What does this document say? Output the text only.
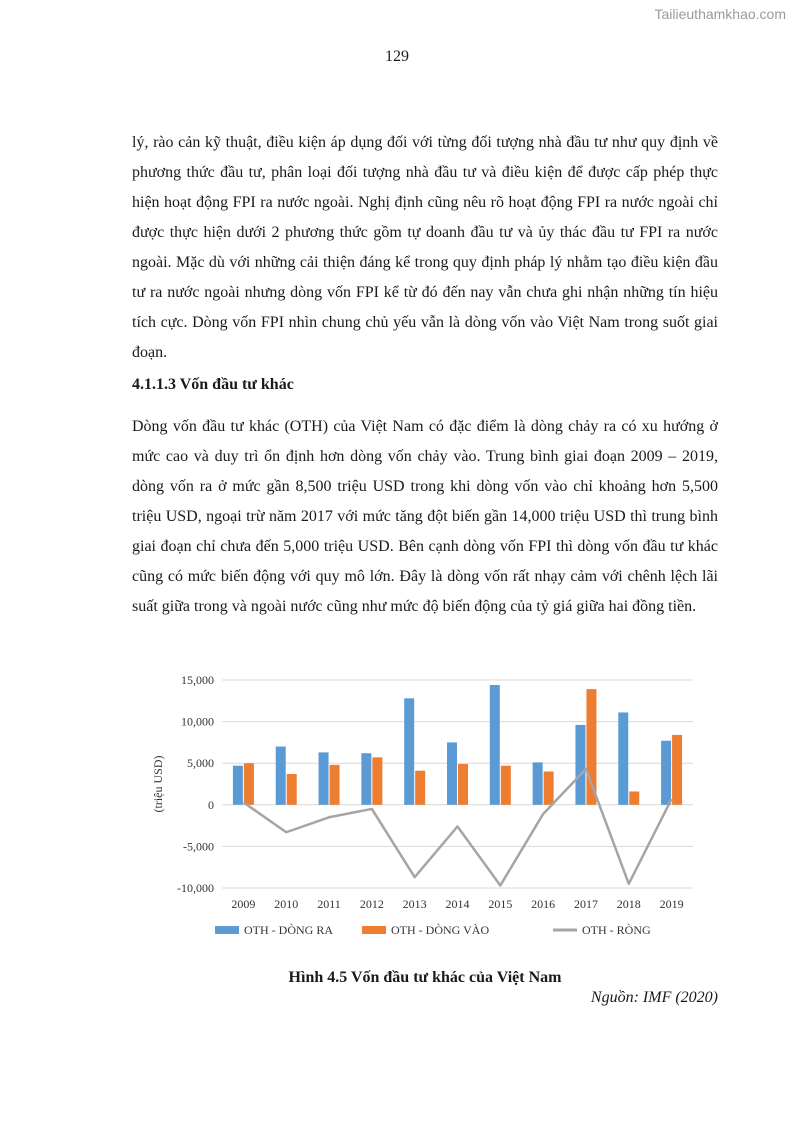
Tailieuthamkhao.com
129

lý, rào cản kỹ thuật, điều kiện áp dụng đối với từng đối tượng nhà đầu tư như quy định về phương thức đầu tư, phân loại đối tượng nhà đầu tư và điều kiện để được cấp phép thực hiện hoạt động FPI ra nước ngoài. Nghị định cũng nêu rõ hoạt động FPI ra nước ngoài chỉ được thực hiện dưới 2 phương thức gồm tự doanh đầu tư và ủy thác đầu tư FPI ra nước ngoài. Mặc dù với những cải thiện đáng kể trong quy định pháp lý nhằm tạo điều kiện đầu tư ra nước ngoài nhưng dòng vốn FPI kể từ đó đến nay vẫn chưa ghi nhận những tín hiệu tích cực. Dòng vốn FPI nhìn chung chủ yếu vẫn là dòng vốn vào Việt Nam trong suốt giai đoạn.

4.1.1.3 Vốn đầu tư khác

Dòng vốn đầu tư khác (OTH) của Việt Nam có đặc điểm là dòng chảy ra có xu hướng ở mức cao và duy trì ổn định hơn dòng vốn chảy vào. Trung bình giai đoạn 2009 – 2019, dòng vốn ra ở mức gần 8,500 triệu USD trong khi dòng vốn vào chỉ khoảng hơn 5,500 triệu USD, ngoại trừ năm 2017 với mức tăng đột biến gần 14,000 triệu USD thì trung bình giai đoạn chỉ chưa đến 5,000 triệu USD. Bên cạnh dòng vốn FPI thì dòng vốn đầu tư khác cũng có mức biến động với quy mô lớn. Đây là dòng vốn rất nhạy cảm với chênh lệch lãi suất giữa trong và ngoài nước cũng như mức độ biến động của tỷ giá giữa hai đồng tiền.

15,000
10,000
5,000
0
-5,000
-10,000
(triệu USD)
2009 2010 2011 2012 2013 2014 2015 2016 2017 2018 2019
OTH - DÒNG RA	OTH - DÒNG VÀO	OTH - RÒNG
Hình 4.5 Vốn đầu tư khác của Việt Nam
Nguồn: IMF (2020)
